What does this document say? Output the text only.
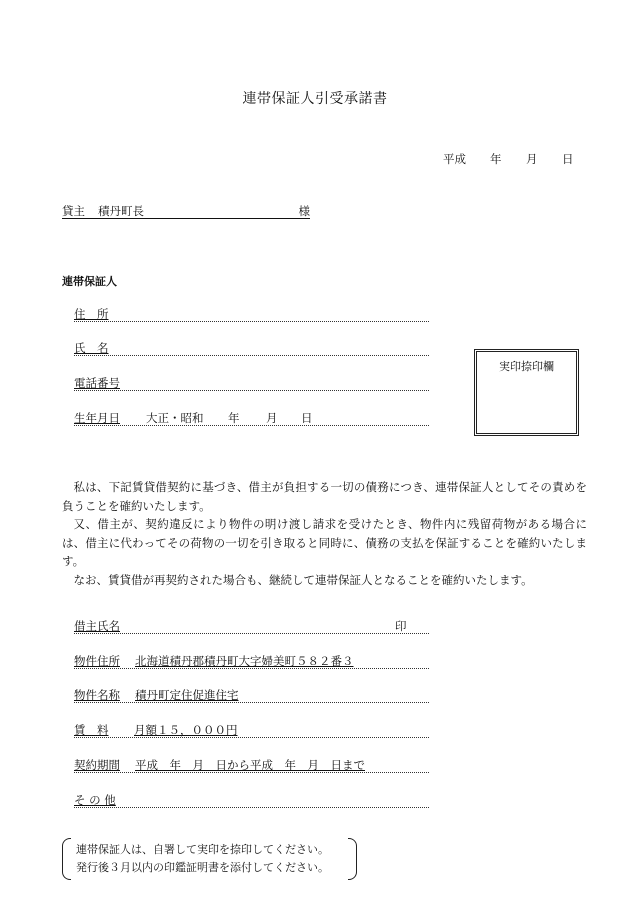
連帯保証人引受承諾書
平成 年 月 日
貸主 積丹町長	様
連帯保証人
住　所
氏　名
電話番号
生年月日 大正・昭和 年 月 日
実印捺印欄

私は、下記賃貸借契約に基づき、借主が負担する一切の債務につき、連帯保証人としてその責めを負うことを確約いたします。

又、借主が、契約違反により物件の明け渡し請求を受けたとき、物件内に残留荷物がある場合には、借主に代わってその荷物の一切を引き取ると同時に、債務の支払を保証することを確約いたします。

なお、賃貸借が再契約された場合も、継続して連帯保証人となることを確約いたします。

借主氏名	印
物件住所 北海道積丹郡積丹町大字婦美町５８２番３
物件名称 積丹町定住促進住宅
賃　料 月額１５，０００円
契約期間 平成　年　月　日から平成　年　月　日まで
そ の 他
連帯保証人は、自署して実印を捺印してください。
発行後３月以内の印鑑証明書を添付してください。
